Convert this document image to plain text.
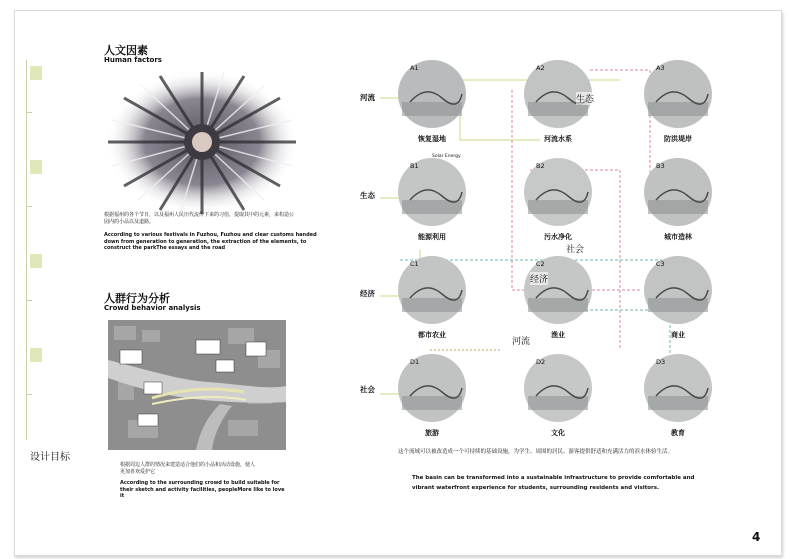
设计目标
人文因素
Human factors
根据福州的各个节日，以及福州人民历代流传下来的习俗，提取其中的元素，来构造公园内的小品以及道路。
According to various festivals in Fuzhou, Fuzhou and clear customs handed
down from generation to generation, the extraction of the elements, to
construct the parkThe essays and the road
人群行为分析
Crowd behavior analysis
根据周边人群的情况来建造适合他们的小品和活动设施，使人
更加喜欢爱护它
According to the surrounding crowd to build suitable for
their sketch and activity facilities, peopleMore like to love
it
A1
恢复湿地
A2
河流水系
A3
防洪堤岸
B1
能源利用
B2
污水净化
B3
城市造林
C1
都市农业
C2
渔业
C3
商业
D1
旅游
D2
文化
D3
教育
河流
生态
经济
社会
生态
社会
经济
河流
Solar Energy
这个流域可以被改造成一个可持续的基础设施，为学生、周围的居民、游客提供舒适和充满活力的滨水体验生活。
The basin can be transformed into a sustainable infrastructure to provide comfortable and
vibrant waterfront experience for students, surrounding residents and visitors.
4
